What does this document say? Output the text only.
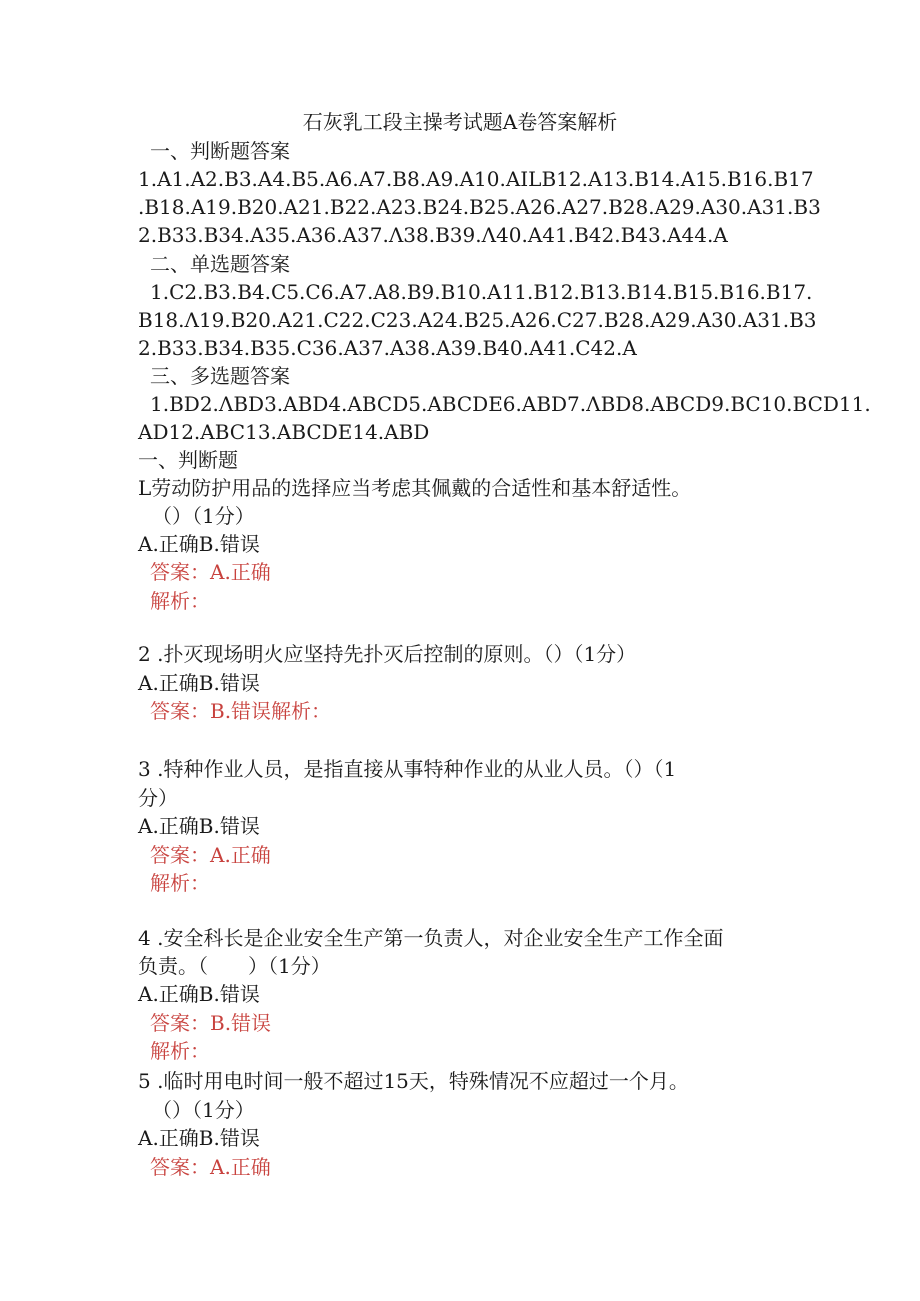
石灰乳工段主操考试题A卷答案解析
一、判断题答案
1.A1.A2.B3.A4.B5.A6.A7.B8.A9.A10.AILB12.A13.B14.A15.B16.B17
.B18.A19.B20.A21.B22.A23.B24.B25.A26.A27.B28.A29.A30.A31.B3
2.B33.B34.A35.A36.A37.Λ38.B39.Λ40.A41.B42.B43.A44.A
二、单选题答案
1.C2.B3.B4.C5.C6.A7.A8.B9.B10.A11.B12.B13.B14.B15.B16.B17.
B18.Λ19.B20.A21.C22.C23.A24.B25.A26.C27.B28.A29.A30.A31.B3
2.B33.B34.B35.C36.A37.A38.A39.B40.A41.C42.A
三、多选题答案
1.BD2.ΛBD3.ABD4.ABCD5.ABCDE6.ABD7.ΛBD8.ABCD9.BC10.BCD11.
AD12.ABC13.ABCDE14.ABD
一、判断题
L劳动防护用品的选择应当考虑其佩戴的合适性和基本舒适性。
（）（1分）
A.正确B.错误
答案：A.正确
解析：
2 .扑灭现场明火应坚持先扑灭后控制的原则。（）（1分）
A.正确B.错误
答案：B.错误解析：
3 .特种作业人员，是指直接从事特种作业的从业人员。（）（1
分）
A.正确B.错误
答案：A.正确
解析：
4 .安全科长是企业安全生产第一负责人，对企业安全生产工作全面
负责。（　　）（1分）
A.正确B.错误
答案：B.错误
解析：
5 .临时用电时间一般不超过15天，特殊情况不应超过一个月。
（）（1分）
A.正确B.错误
答案：A.正确
